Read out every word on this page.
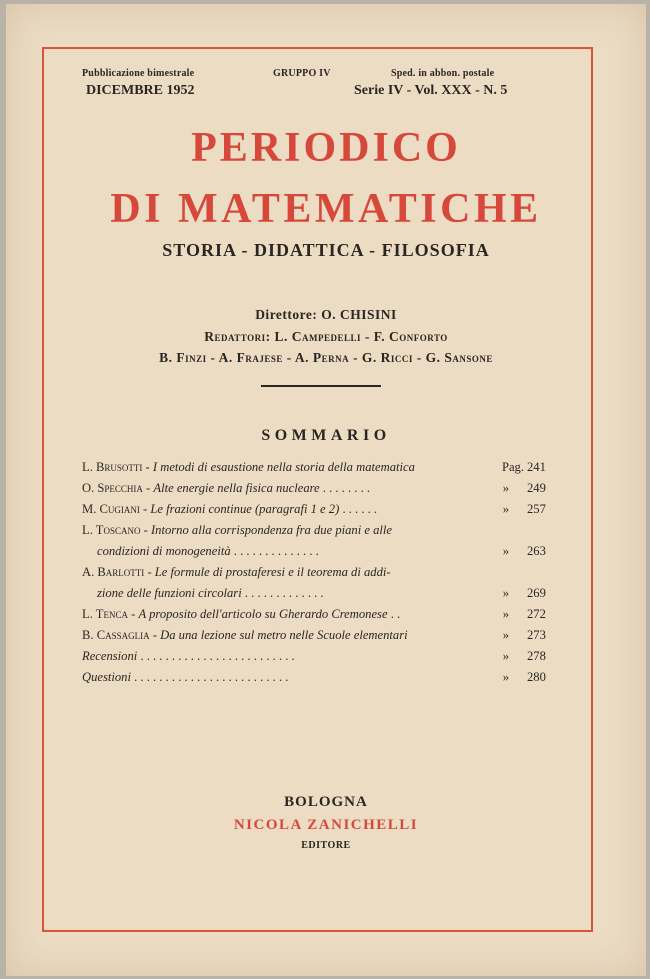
Pubblicazione bimestrale	GRUPPO IV	Sped. in abbon. postale
DICEMBRE 1952	Serie IV - Vol. XXX - N. 5
PERIODICO
DI MATEMATICHE
STORIA - DIDATTICA - FILOSOFIA
Direttore: O. CHISINI
Redattori: L. Campedelli - F. Conforto
B. Finzi - A. Frajese - A. Perna - G. Ricci - G. Sansone
SOMMARIO
L. Brusotti - I metodi di esaustione nella storia della matematica	Pag. 241
O. Specchia - Alte energie nella fisica nucleare . . . . . . . .	» 249
M. Cugiani - Le frazioni continue (paragrafi 1 e 2) . . . . . .	» 257
L. Toscano - Intorno alla corrispondenza fra due piani e alle
condizioni di monogeneità . . . . . . . . . . . . . .	» 263
A. Barlotti - Le formule di prostaferesi e il teorema di addi-
zione delle funzioni circolari . . . . . . . . . . . . .	» 269
L. Tenca - A proposito dell'articolo su Gherardo Cremonese . .	» 272
B. Cassaglia - Da una lezione sul metro nelle Scuole elementari	» 273
Recensioni . . . . . . . . . . . . . . . . . . . . . . . . .	» 278
Questioni . . . . . . . . . . . . . . . . . . . . . . . . .	» 280
BOLOGNA
NICOLA ZANICHELLI
EDITORE
